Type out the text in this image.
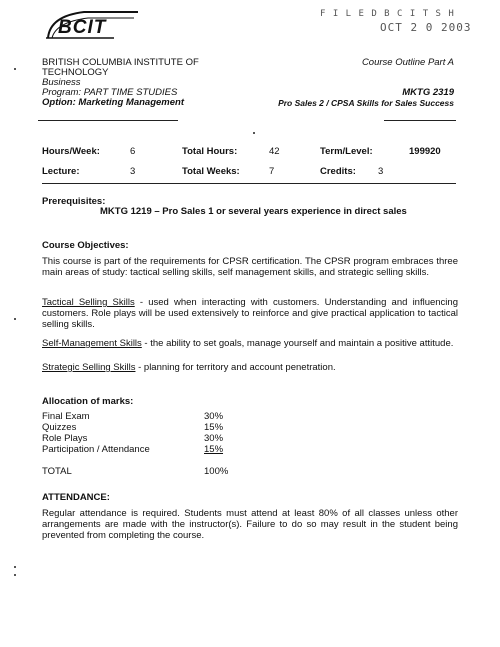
BCIT
F I L E D B C I T S H
OCT 2 0 2003
BRITISH COLUMBIA INSTITUTE OF
TECHNOLOGY
Business
Program: PART TIME STUDIES
Option: Marketing Management
Course Outline Part A
MKTG 2319
Pro Sales 2 / CPSA Skills for Sales Success
Hours/Week:	6	Total Hours:	42	Term/Level:	199920
Lecture:	3	Total Weeks:	7	Credits: 3
Prerequisites:
MKTG 1219 – Pro Sales 1 or several years experience in direct sales
Course Objectives:
This course is part of the requirements for CPSR certification. The CPSR program embraces three main areas of study: tactical selling skills, self management skills, and strategic selling skills.
Tactical Selling Skills - used when interacting with customers. Understanding and influencing customers. Role plays will be used extensively to reinforce and give practical application to tactical selling skills.
Self-Management Skills - the ability to set goals, manage yourself and maintain a positive attitude.
Strategic Selling Skills - planning for territory and account penetration.
Allocation of marks:
Final Exam	30%
Quizzes	15%
Role Plays	30%
Participation / Attendance	15%
TOTAL	100%
ATTENDANCE:
Regular attendance is required. Students must attend at least 80% of all classes unless other arrangements are made with the instructor(s). Failure to do so may result in the student being prevented from completing the course.
